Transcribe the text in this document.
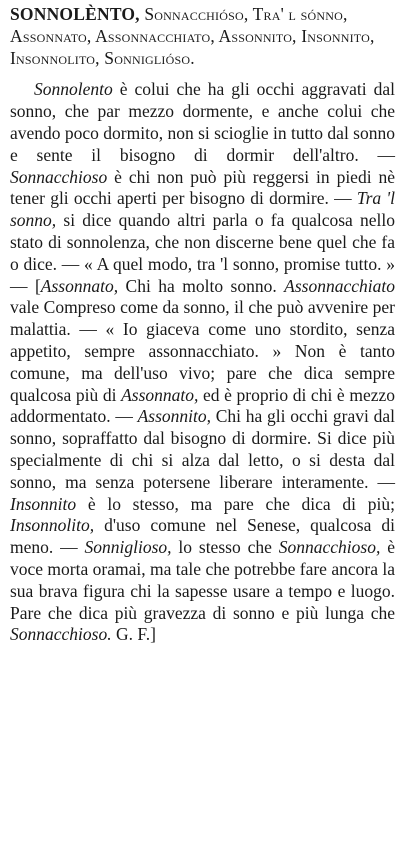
SONNOLÈNTO, Sonnacchióso, Tra' l sónno, Assonnato, Assonnacchiato, Assonnito, Insonnito, Insonnolito, Sonniglióso.

Sonnolento è colui che ha gli occhi aggravati dal sonno, che par mezzo dormente, e anche colui che avendo poco dormito, non si scioglie in tutto dal sonno e sente il bisogno di dormir dell'altro. — Sonnacchioso è chi non può più reggersi in piedi nè tener gli occhi aperti per bisogno di dormire. — Tra 'l sonno, si dice quando altri parla o fa qualcosa nello stato di sonnolenza, che non discerne bene quel che fa o dice. — « A quel modo, tra 'l sonno, promise tutto. » — [Assonnato, Chi ha molto sonno. Assonnacchiato vale Compreso come da sonno, il che può avvenire per malattia. — « Io giaceva come uno stordito, senza appetito, sempre assonnacchiato. » Non è tanto comune, ma dell'uso vivo; pare che dica sempre qualcosa più di Assonnato, ed è proprio di chi è mezzo addormentato. — Assonnito, Chi ha gli occhi gravi dal sonno, sopraffatto dal bisogno di dormire. Si dice più specialmente di chi si alza dal letto, o si desta dal sonno, ma senza potersene liberare interamente. — Insonnito è lo stesso, ma pare che dica di più; Insonnolito, d'uso comune nel Senese, qualcosa di meno. — Sonniglioso, lo stesso che Sonnacchioso, è voce morta oramai, ma tale che potrebbe fare ancora la sua brava figura chi la sapesse usare a tempo e luogo. Pare che dica più gravezza di sonno e più lunga che Sonnacchioso. G. F.]
